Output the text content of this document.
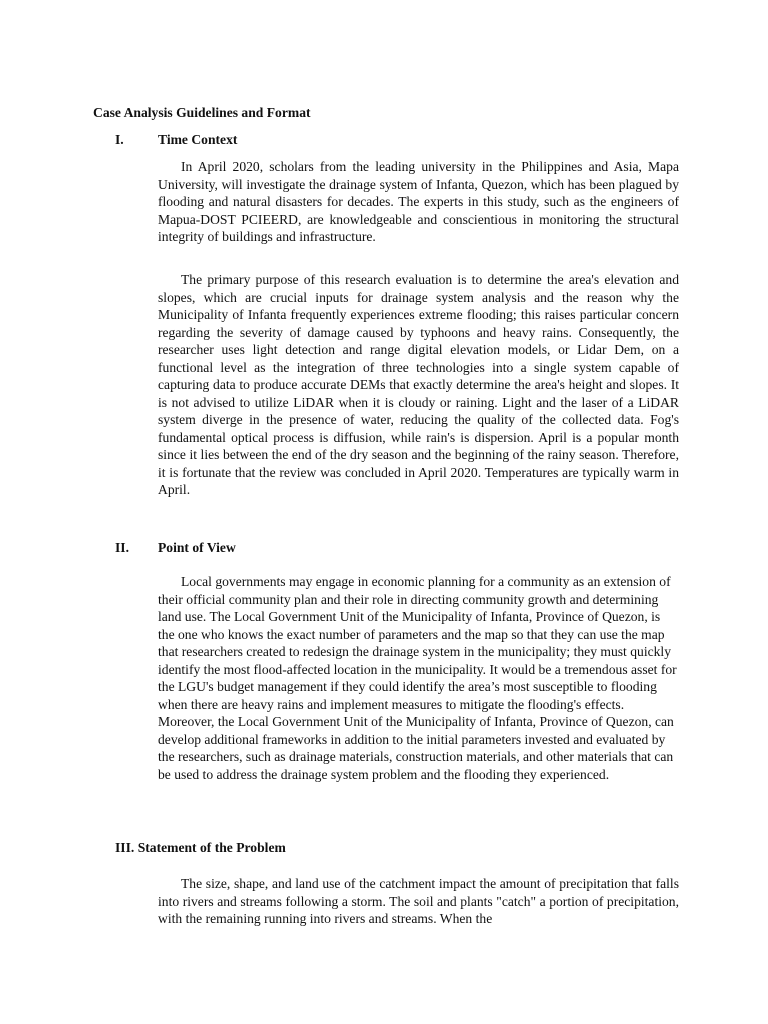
Case Analysis Guidelines and Format
I.	Time Context

In April 2020, scholars from the leading university in the Philippines and Asia, Mapa University, will investigate the drainage system of Infanta, Quezon, which has been plagued by flooding and natural disasters for decades. The experts in this study, such as the engineers of Mapua-DOST PCIEERD, are knowledgeable and conscientious in monitoring the structural integrity of buildings and infrastructure.

The primary purpose of this research evaluation is to determine the area's elevation and slopes, which are crucial inputs for drainage system analysis and the reason why the Municipality of Infanta frequently experiences extreme flooding; this raises particular concern regarding the severity of damage caused by typhoons and heavy rains. Consequently, the researcher uses light detection and range digital elevation models, or Lidar Dem, on a functional level as the integration of three technologies into a single system capable of capturing data to produce accurate DEMs that exactly determine the area's height and slopes. It is not advised to utilize LiDAR when it is cloudy or raining. Light and the laser of a LiDAR system diverge in the presence of water, reducing the quality of the collected data. Fog's fundamental optical process is diffusion, while rain's is dispersion. April is a popular month since it lies between the end of the dry season and the beginning of the rainy season. Therefore, it is fortunate that the review was concluded in April 2020. Temperatures are typically warm in April.

II. Point of View

Local governments may engage in economic planning for a community as an extension of their official community plan and their role in directing community growth and determining land use. The Local Government Unit of the Municipality of Infanta, Province of Quezon, is the one who knows the exact number of parameters and the map so that they can use the map that researchers created to redesign the drainage system in the municipality; they must quickly identify the most flood-affected location in the municipality. It would be a tremendous asset for the LGU's budget management if they could identify the area’s most susceptible to flooding when there are heavy rains and implement measures to mitigate the flooding's effects. Moreover, the Local Government Unit of the Municipality of Infanta, Province of Quezon, can develop additional frameworks in addition to the initial parameters invested and evaluated by the researchers, such as drainage materials, construction materials, and other materials that can be used to address the drainage system problem and the flooding they experienced.

III. Statement of the Problem

The size, shape, and land use of the catchment impact the amount of precipitation that falls into rivers and streams following a storm. The soil and plants "catch" a portion of precipitation, with the remaining running into rivers and streams. When the
